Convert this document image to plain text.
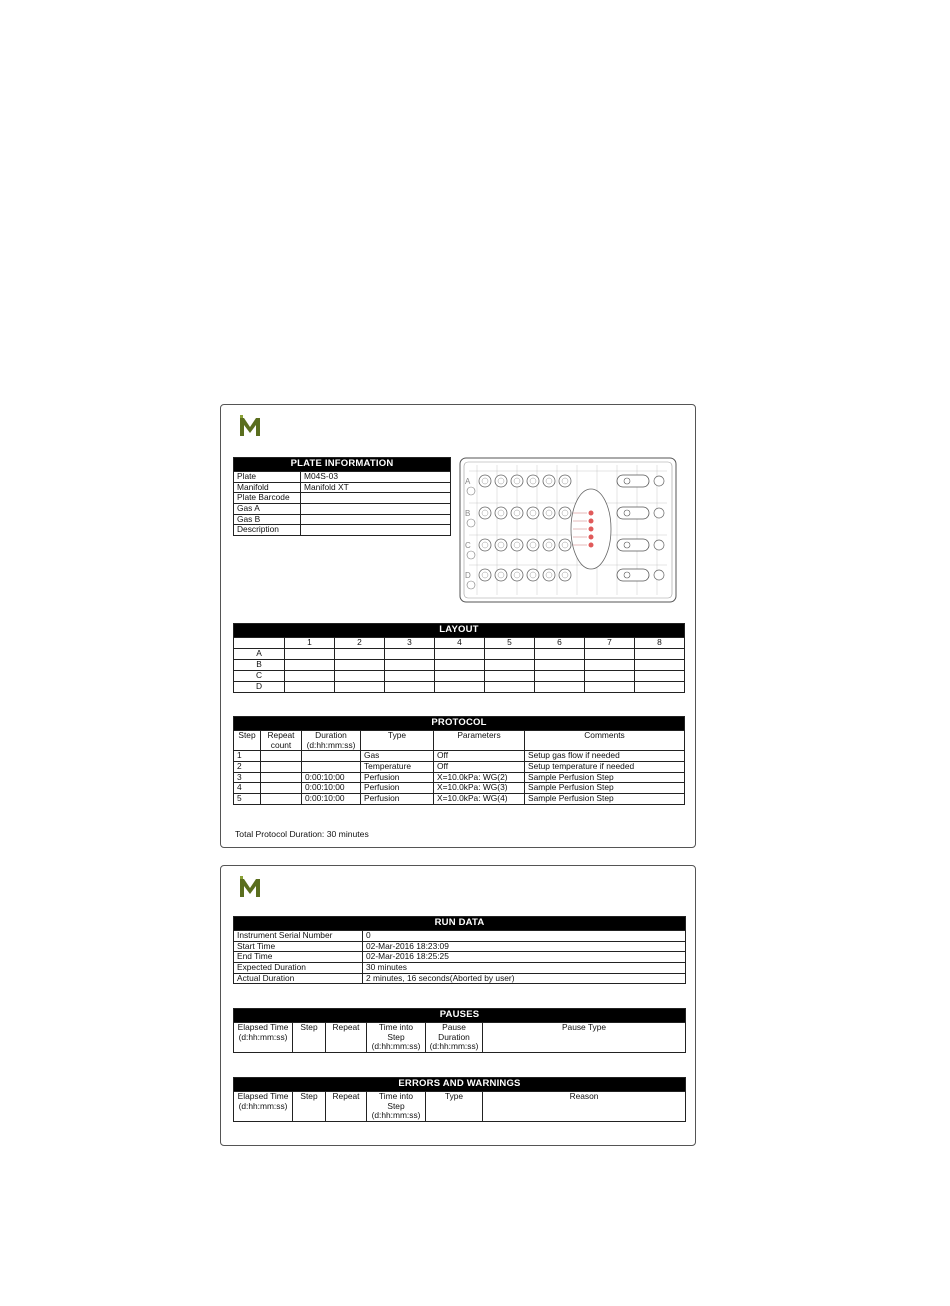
PLATE INFORMATION	
Plate	M04S-03
Manifold	Manifold XT
Plate Barcode	
Gas A	
Gas B	
Description	
A
B
C
D
LAYOUT								
	1	2	3	4	5	6	7	8
A								
B								
C								
D								
PROTOCOL					
Step	Repeat count	Duration (d:hh:mm:ss)	Type	Parameters	Comments
1			Gas	Off	Setup gas flow if needed
2			Temperature	Off	Setup temperature if needed
3		0:00:10:00	Perfusion	X=10.0kPa: WG(2)	Sample Perfusion Step
4		0:00:10:00	Perfusion	X=10.0kPa: WG(3)	Sample Perfusion Step
5		0:00:10:00	Perfusion	X=10.0kPa: WG(4)	Sample Perfusion Step
Total Protocol Duration: 30 minutes
RUN DATA	
Instrument Serial Number	0
Start Time	02-Mar-2016 18:23:09
End Time	02-Mar-2016 18:25:25
Expected Duration	30 minutes
Actual Duration	2 minutes, 16 seconds(Aborted by user)
PAUSES
Elapsed Time (d:hh:mm:ss)	Step	Repeat	Time into Step (d:hh:mm:ss)	Pause Duration (d:hh:mm:ss)	Pause Type
ERRORS AND WARNINGS
Elapsed Time (d:hh:mm:ss)	Step	Repeat	Time into Step (d:hh:mm:ss)	Type	Reason
